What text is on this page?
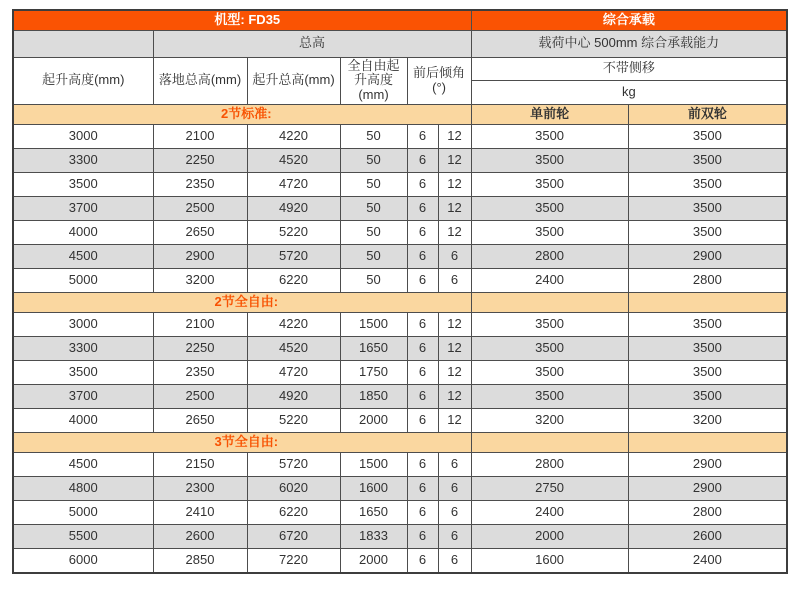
机型: FD35						综合承载	
	总高					载荷中心 500mm 综合承载能力	
起升高度(mm)	落地总高(mm)	起升总高(mm)	全自由起升高度(mm)	前后倾角 (°)		不带侧移	
						kg	
2节标准:						单前轮	前双轮
3000	2100	4220	50	6	12	3500	3500
3300	2250	4520	50	6	12	3500	3500
3500	2350	4720	50	6	12	3500	3500
3700	2500	4920	50	6	12	3500	3500
4000	2650	5220	50	6	12	3500	3500
4500	2900	5720	50	6	6	2800	2900
5000	3200	6220	50	6	6	2400	2800
2节全自由:							
3000	2100	4220	1500	6	12	3500	3500
3300	2250	4520	1650	6	12	3500	3500
3500	2350	4720	1750	6	12	3500	3500
3700	2500	4920	1850	6	12	3500	3500
4000	2650	5220	2000	6	12	3200	3200
3节全自由:							
4500	2150	5720	1500	6	6	2800	2900
4800	2300	6020	1600	6	6	2750	2900
5000	2410	6220	1650	6	6	2400	2800
5500	2600	6720	1833	6	6	2000	2600
6000	2850	7220	2000	6	6	1600	2400
